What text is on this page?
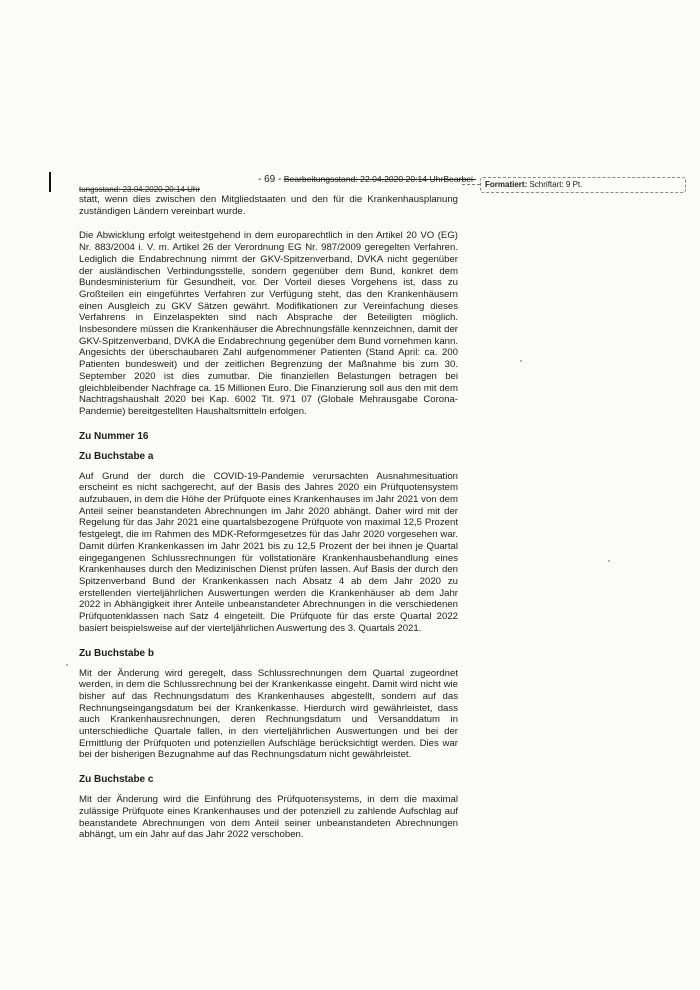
- 69 - Bearbeitungsstand: 22.04.2020 20:14 UhrBearbei-
Formatiert: Schriftart: 9 Pt.
tungsstand: 23.04.2020 20:14 Uhr

statt, wenn dies zwischen den Mitgliedstaaten und den für die Krankenhausplanung zuständigen Ländern vereinbart wurde.

Die Abwicklung erfolgt weitestgehend in dem europarechtlich in den Artikel 20 VO (EG) Nr. 883/2004 i. V. m. Artikel 26 der Verordnung EG Nr. 987/2009 geregelten Verfahren. Lediglich die Endabrechnung nimmt der GKV-Spitzenverband, DVKA nicht gegenüber der ausländischen Verbindungsstelle, sondern gegenüber dem Bund, konkret dem Bundesministerium für Gesundheit, vor. Der Vorteil dieses Vorgehens ist, dass zu Großteilen ein eingeführtes Verfahren zur Verfügung steht, das den Krankenhäusern einen Ausgleich zu GKV Sätzen gewährt. Modifikationen zur Vereinfachung dieses Verfahrens in Einzelaspekten sind nach Absprache der Beteiligten möglich. Insbesondere müssen die Krankenhäuser die Abrechnungsfälle kennzeichnen, damit der GKV-Spitzenverband, DVKA die Endabrechnung gegenüber dem Bund vornehmen kann. Angesichts der überschaubaren Zahl aufgenommener Patienten (Stand April: ca. 200 Patienten bundesweit) und der zeitlichen Begrenzung der Maßnahme bis zum 30. September 2020 ist dies zumutbar. Die finanziellen Belastungen betragen bei gleichbleibender Nachfrage ca. 15 Millionen Euro. Die Finanzierung soll aus den mit dem Nachtragshaushalt 2020 bei Kap. 6002 Tit. 971 07 (Globale Mehrausgabe Corona-Pandemie) bereitgestellten Haushaltsmitteln erfolgen.

Zu Nummer 16
Zu Buchstabe a

Auf Grund der durch die COVID-19-Pandemie verursachten Ausnahmesituation erscheint es nicht sachgerecht, auf der Basis des Jahres 2020 ein Prüfquotensystem aufzubauen, in dem die Höhe der Prüfquote eines Krankenhauses im Jahr 2021 von dem Anteil seiner beanstandeten Abrechnungen im Jahr 2020 abhängt. Daher wird mit der Regelung für das Jahr 2021 eine quartalsbezogene Prüfquote von maximal 12,5 Prozent festgelegt, die im Rahmen des MDK-Reformgesetzes für das Jahr 2020 vorgesehen war. Damit dürfen Krankenkassen im Jahr 2021 bis zu 12,5 Prozent der bei ihnen je Quartal eingegangenen Schlussrechnungen für vollstationäre Krankenhausbehandlung eines Krankenhauses durch den Medizinischen Dienst prüfen lassen. Auf Basis der durch den Spitzenverband Bund der Krankenkassen nach Absatz 4 ab dem Jahr 2020 zu erstellenden vierteljährlichen Auswertungen werden die Krankenhäuser ab dem Jahr 2022 in Abhängigkeit ihrer Anteile unbeanstandeter Abrechnungen in die verschiedenen Prüfquotenklassen nach Satz 4 eingeteilt. Die Prüfquote für das erste Quartal 2022 basiert beispielsweise auf der vierteljährlichen Auswertung des 3. Quartals 2021.

Zu Buchstabe b

Mit der Änderung wird geregelt, dass Schlussrechnungen dem Quartal zugeordnet werden, in dem die Schlussrechnung bei der Krankenkasse eingeht. Damit wird nicht wie bisher auf das Rechnungsdatum des Krankenhauses abgestellt, sondern auf das Rechnungseingangsdatum bei der Krankenkasse. Hierdurch wird gewährleistet, dass auch Krankenhausrechnungen, deren Rechnungsdatum und Versanddatum in unterschiedliche Quartale fallen, in den vierteljährlichen Auswertungen und bei der Ermittlung der Prüfquoten und potenziellen Aufschläge berücksichtigt werden. Dies war bei der bisherigen Bezugnahme auf das Rechnungsdatum nicht gewährleistet.

Zu Buchstabe c

Mit der Änderung wird die Einführung des Prüfquotensystems, in dem die maximal zulässige Prüfquote eines Krankenhauses und der potenziell zu zahlende Aufschlag auf beanstandete Abrechnungen von dem Anteil seiner unbeanstandeten Abrechnungen abhängt, um ein Jahr auf das Jahr 2022 verschoben.
